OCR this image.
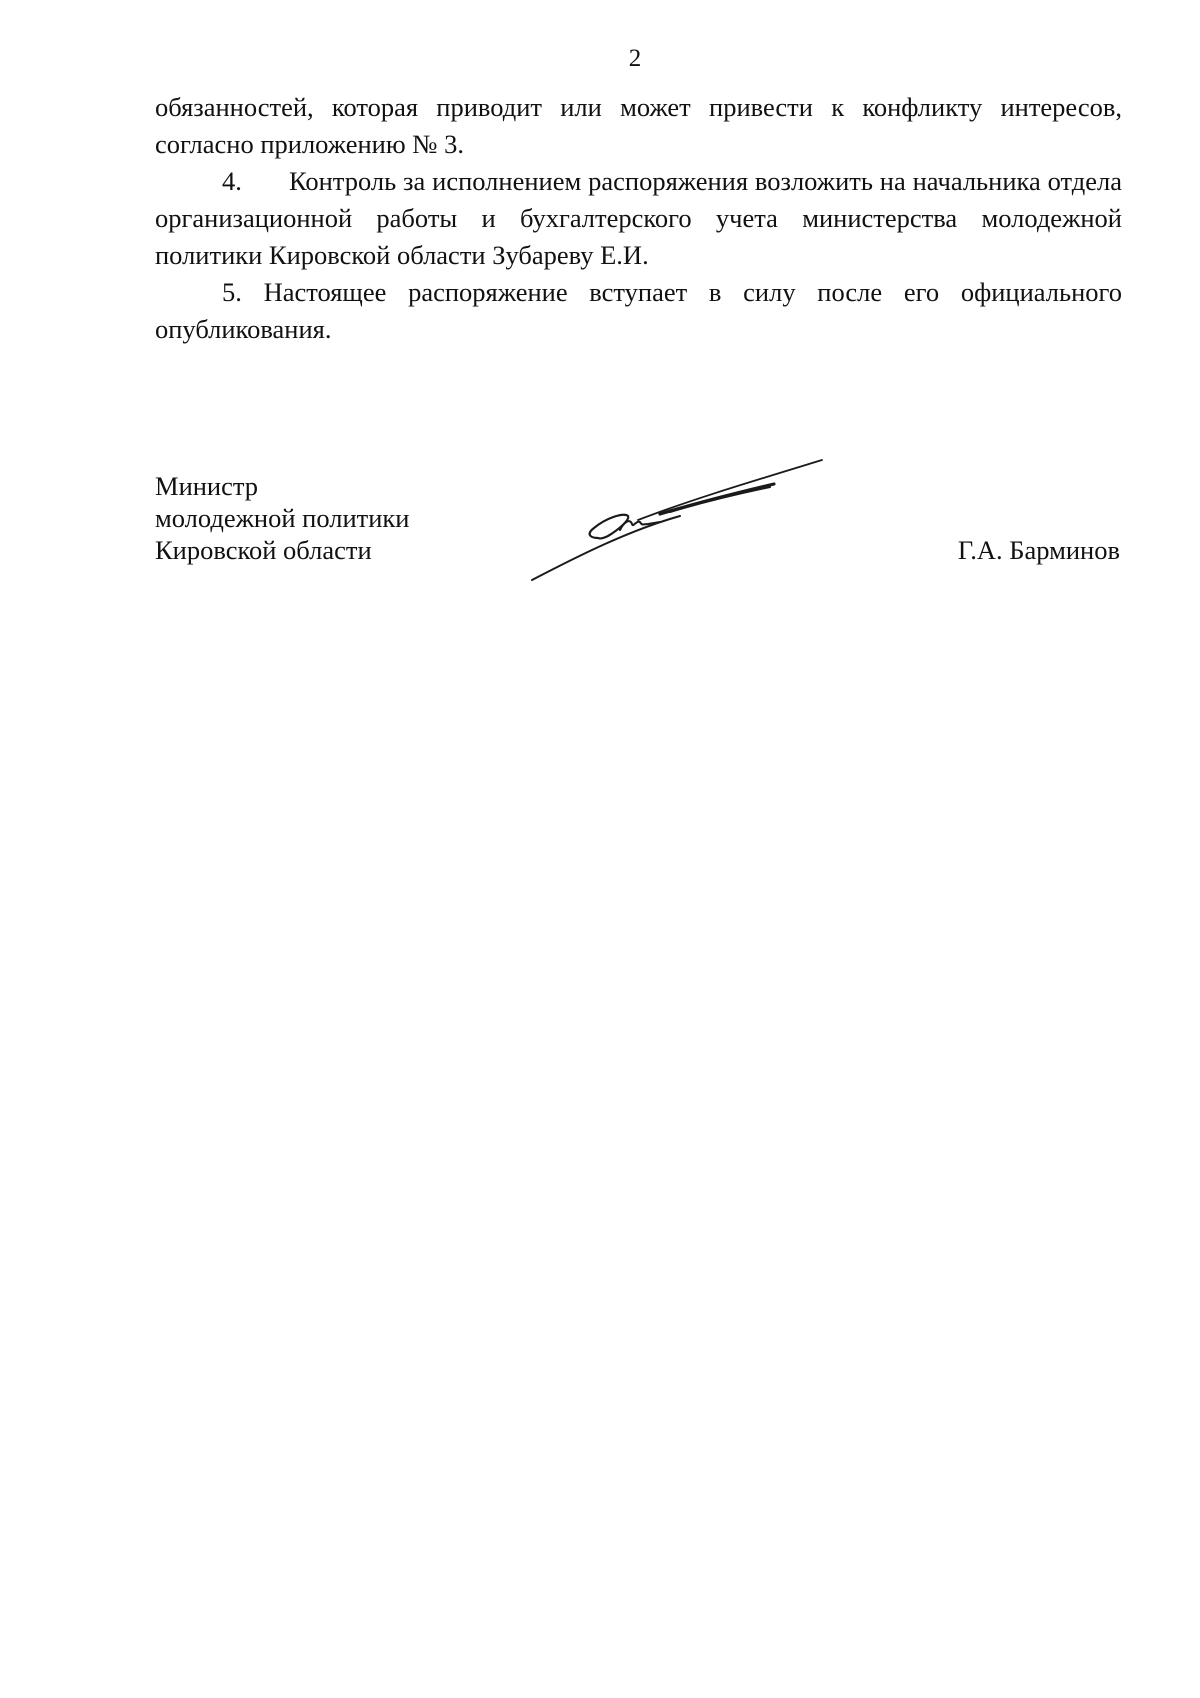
2

обязанностей, которая приводит или может привести к конфликту интересов, согласно приложению № 3.

4. Контроль за исполнением распоряжения возложить на начальника отдела организационной работы и бухгалтерского учета министерства молодежной политики Кировской области Зубареву Е.И.

5. Настоящее распоряжение вступает в силу после его официального опубликования.

Министр
молодежной политики
Кировской области	Г.А. Барминов
